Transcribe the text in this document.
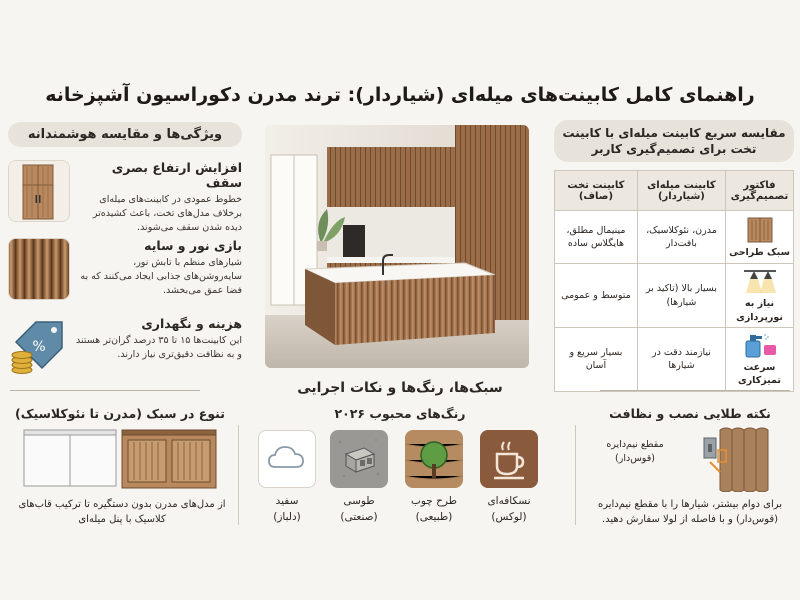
راهنمای کامل کابینت‌های میله‌ای (شیاردار): ترند مدرن دکوراسیون آشپزخانه
ویژگی‌ها و مقایسه هوشمندانه
افزایش ارتفاع بصری سقف

خطوط عمودی در کابینت‌های میله‌ای برخلاف مدل‌های تخت، باعث کشیده‌تر دیده شدن سقف می‌شوند.

بازی نور و سایه

شیارهای منظم با تابش نور، سایه‌روشن‌های جذابی ایجاد می‌کنند که به فضا عمق می‌بخشد.

هزینه و نگهداری

این کابینت‌ها ۱۵ تا ۳۵ درصد گران‌تر هستند و به نظافت دقیق‌تری نیاز دارند.

%
مقایسه سریع کابینت میله‌ای با کابینت تخت برای تصمیم‌گیری کاربر
فاکتور تصمیم‌گیری	کابینت میله‌ای (شیاردار)	کابینت تخت (صاف)

سبک طراحی	مدرن، نئوکلاسیک، بافت‌دار	مینیمال مطلق، هایگلاس ساده

نیاز به نورپردازی	بسیار بالا (تاکید بر شیارها)	متوسط و عمومی

سرعت تمیزکاری	نیازمند دقت در شیارها	بسیار سریع و آسان
سبک‌ها، رنگ‌ها و نکات اجرایی
نکته طلایی نصب و نظافت
مقطع نیم‌دایره (قوس‌دار)
برای دوام بیشتر، شیارها را با مقطع نیم‌دایره (قوس‌دار) و با فاصله از لولا سفارش دهید.
رنگ‌های محبوب ۲۰۲۶
نسکافه‌ای
(لوکس)
طرح چوب
(طبیعی)
طوسی
(صنعتی)
سفید
(دلباز)
تنوع در سبک (مدرن تا نئوکلاسیک)
از مدل‌های مدرن بدون دستگیره تا ترکیب قاب‌های کلاسیک با پنل میله‌ای
